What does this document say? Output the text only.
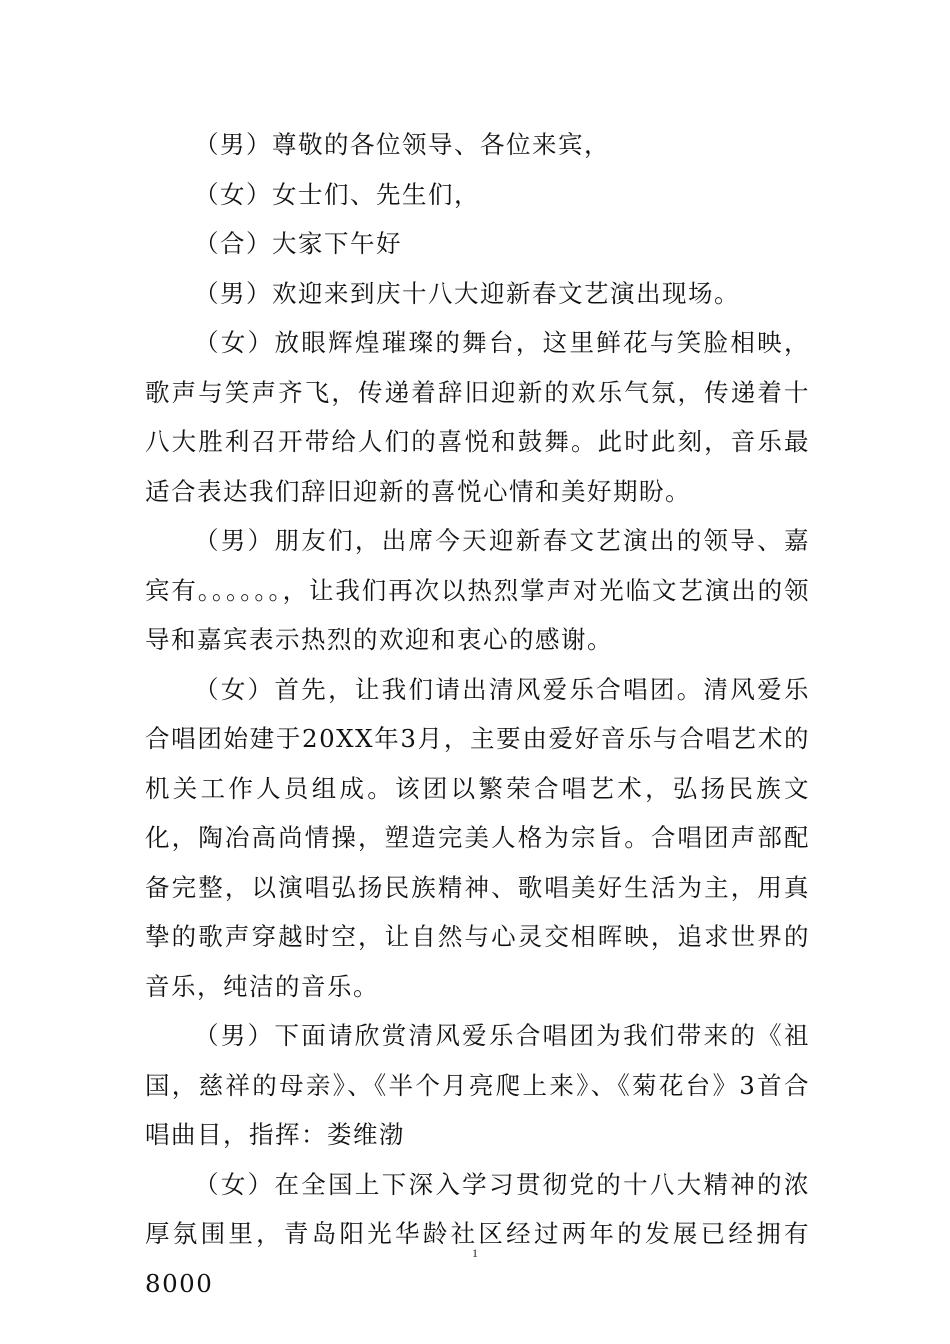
（男）尊敬的各位领导、各位来宾，

（女）女士们、先生们，

（合）大家下午好

（男）欢迎来到庆十八大迎新春文艺演出现场。

（女）放眼辉煌璀璨的舞台，这里鲜花与笑脸相映，歌声与笑声齐飞，传递着辞旧迎新的欢乐气氛，传递着十八大胜利召开带给人们的喜悦和鼓舞。此时此刻，音乐最适合表达我们辞旧迎新的喜悦心情和美好期盼。

（男）朋友们，出席今天迎新春文艺演出的领导、嘉宾有。。。。。。，让我们再次以热烈掌声对光临文艺演出的领导和嘉宾表示热烈的欢迎和衷心的感谢。

（女）首先，让我们请出清风爱乐合唱团。清风爱乐合唱团始建于20XX年3月，主要由爱好音乐与合唱艺术的机关工作人员组成。该团以繁荣合唱艺术，弘扬民族文化，陶冶高尚情操，塑造完美人格为宗旨。合唱团声部配备完整，以演唱弘扬民族精神、歌唱美好生活为主，用真挚的歌声穿越时空，让自然与心灵交相晖映，追求世界的音乐，纯洁的音乐。

（男）下面请欣赏清风爱乐合唱团为我们带来的《祖国，慈祥的母亲》、《半个月亮爬上来》、《菊花台》3首合唱曲目，指挥：娄维渤

（女）在全国上下深入学习贯彻党的十八大精神的浓厚氛围里，青岛阳光华龄社区经过两年的发展已经拥有8000

1
